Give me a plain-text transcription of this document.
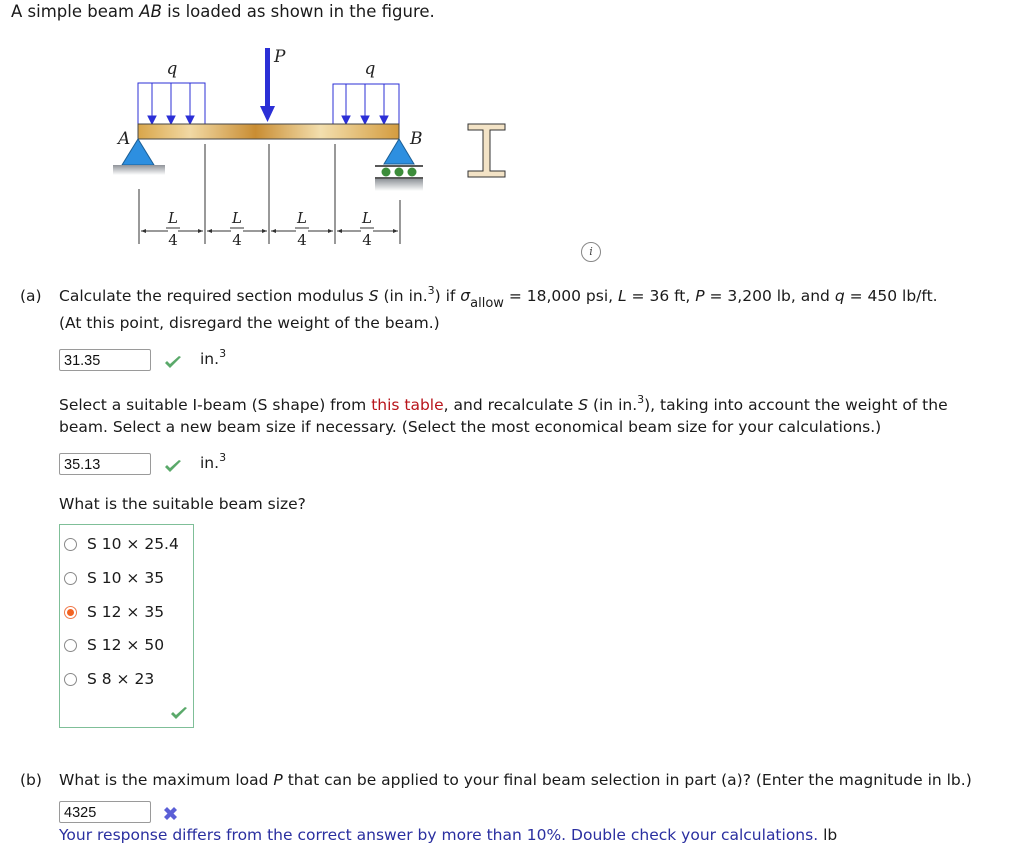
A simple beam AB is loaded as shown in the figure.
q	q
P
A	B
L
4
L
4
L
4
L
4
i
(a) Calculate the required section modulus S (in in.$^3$) if $\sigma_{allow} = 18,000$ psi, L = 36 ft, P = 3,200 lb, and q = 450 lb/ft.
(At this point, disregard the weight of the beam.)
31.35	in.$^3$
Select a suitable I-beam (S shape) from this table, and recalculate S (in in.$^3$), taking into account the weight of the
beam. Select a new beam size if necessary. (Select the most economical beam size for your calculations.)
35.13	in.$^3$
What is the suitable beam size?
S 10 × 25.4
S 10 × 35
S 12 × 35
S 12 × 50
S 8 × 23
(b) What is the maximum load P that can be applied to your final beam selection in part (a)? (Enter the magnitude in lb.)
4325
Your response differs from the correct answer by more than 10%. Double check your calculations. lb
